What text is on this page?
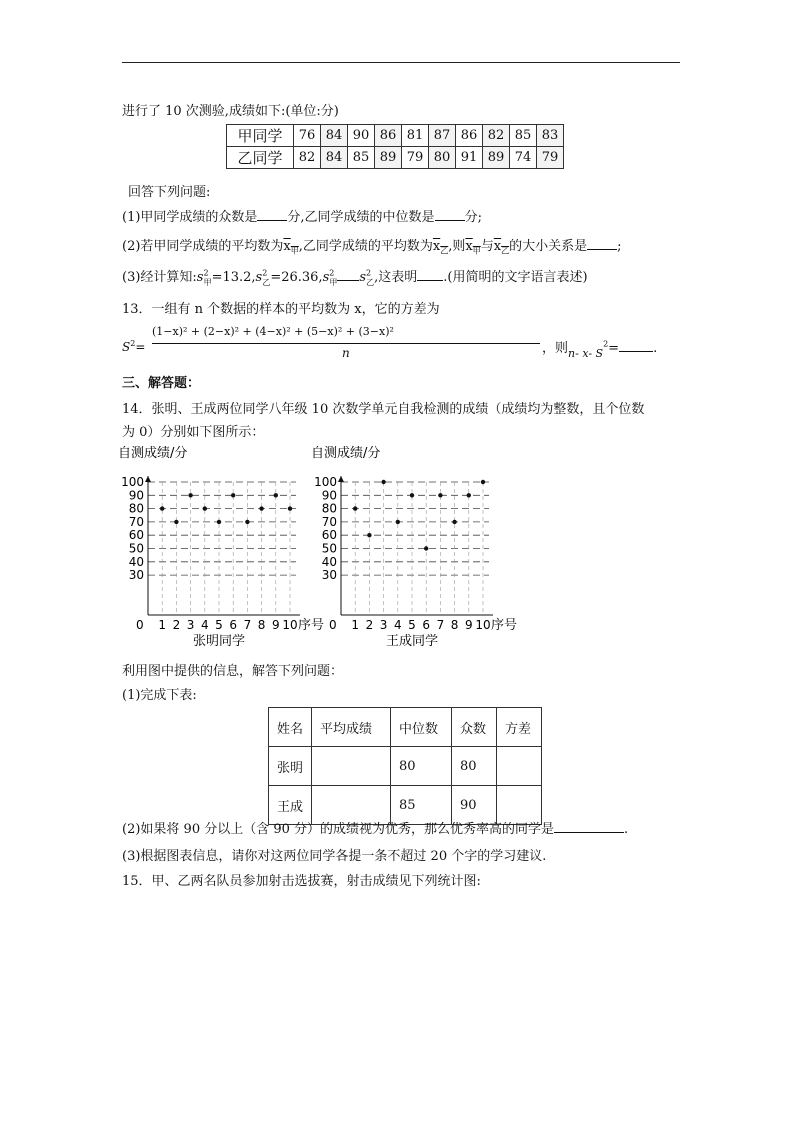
进行了 10 次测验,成绩如下:(单位:分)
甲同学	76	84	90	86	81	87	86	82	85	83
乙同学	82	84	85	89	79	80	91	89	74	79
回答下列问题:
(1)甲同学成绩的众数是 分,乙同学成绩的中位数是 分;
(2)若甲同学成绩的平均数为$x_甲$,乙同学成绩的平均数为$x_乙$,则$x_甲$与$x_乙$的大小关系是 ;
(3)经计算知$:s^2_甲=13.2,s^2_乙=26.36,s^2_甲$ $s^2_乙$,这表明 .(用简明的文字语言表述)
13．一组有 n 个数据的样本的平均数为 x，它的方差为
$S^2=$
(1−x)² + (2−x)² + (4−x)² + (5−x)² + (3−x)²
n	，则$_{n- x- S}^2$=	.
三、解答题：
14．张明、王成两位同学八年级 10 次数学单元自我检测的成绩（成绩均为整数，且个位数
为 0）分别如下图所示：
自测成绩/分
30
40
50
60
70
80
90
100
0 1 2 3 4 5 6 7 8 9 10 序号
张明同学
自测成绩/分
30
40
50
60
70
80
90
100
0 1 2 3 4 5 6 7 8 9 10 序号
王成同学
利用图中提供的信息，解答下列问题：
(1)完成下表:
姓名	平均成绩	中位数	众数	方差
张明		80	80	
王成		85	90	
(2)如果将 90 分以上（含 90 分）的成绩视为优秀，那么优秀率高的同学是	.
(3)根据图表信息，请你对这两位同学各提一条不超过 20 个字的学习建议.
15．甲、乙两名队员参加射击选拔赛，射击成绩见下列统计图:
